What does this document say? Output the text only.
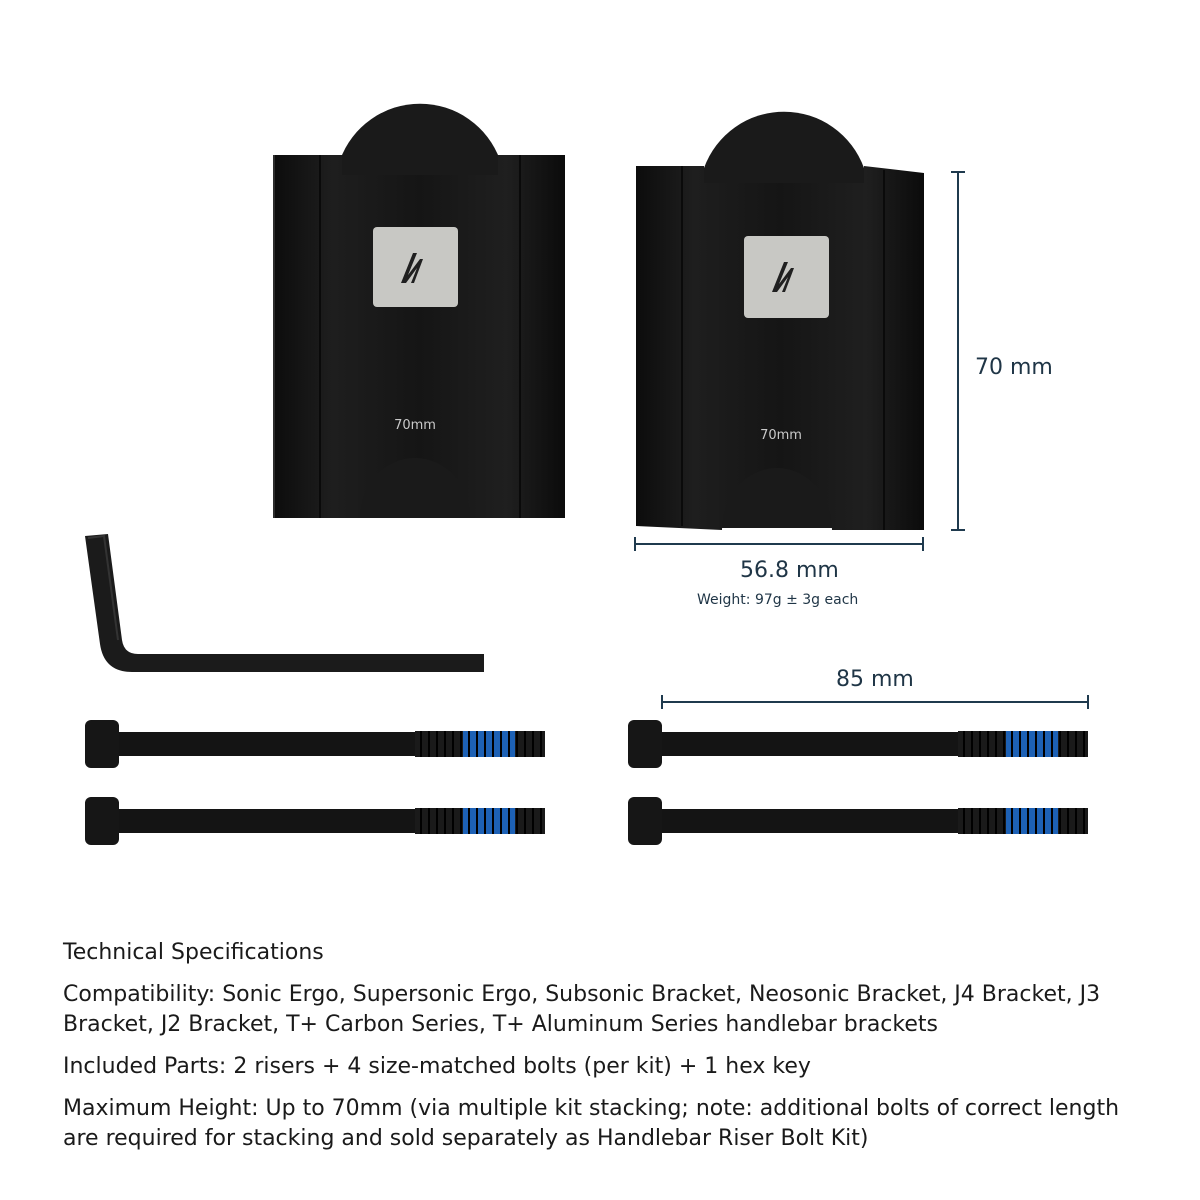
70mm
70mm
70 mm
56.8 mm
Weight: 97g ± 3g each
85 mm

Technical Specifications

Compatibility: Sonic Ergo, Supersonic Ergo, Subsonic Bracket, Neosonic Bracket, J4 Bracket, J3 Bracket, J2 Bracket, T+ Carbon Series, T+ Aluminum Series handlebar brackets

Included Parts: 2 risers + 4 size-matched bolts (per kit) + 1 hex key

Maximum Height: Up to 70mm (via multiple kit stacking; note: additional bolts of correct length are required for stacking and sold separately as Handlebar Riser Bolt Kit)
